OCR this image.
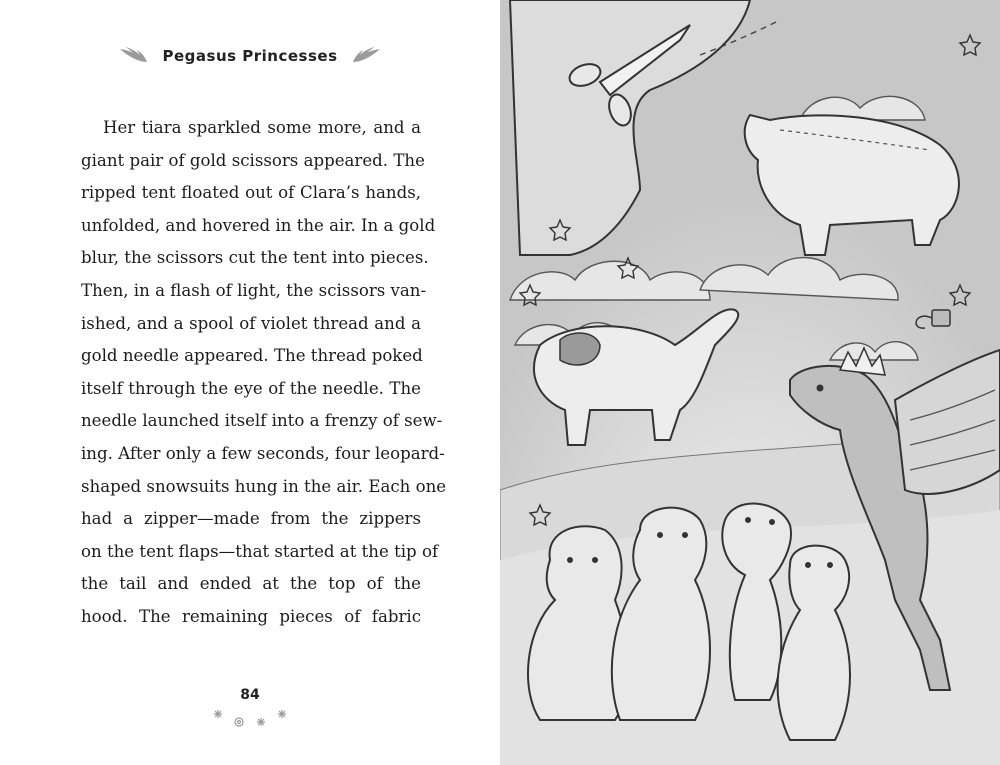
Pegasus Princesses
Her tiara sparkled some more, and a
giant pair of gold scissors appeared. The
ripped tent floated out of Clara’s hands,
unfolded, and hovered in the air. In a gold
blur, the scissors cut the tent into pieces.
Then, in a flash of light, the scissors van-
ished, and a spool of violet thread and a
gold needle appeared. The thread poked
itself through the eye of the needle. The
needle launched itself into a frenzy of sew-
ing. After only a few seconds, four leopard-
shaped snowsuits hung in the air. Each one
had a zipper—made from the zippers
on the tent flaps—that started at the tip of
the tail and ended at the top of the
hood. The remaining pieces of fabric
84
